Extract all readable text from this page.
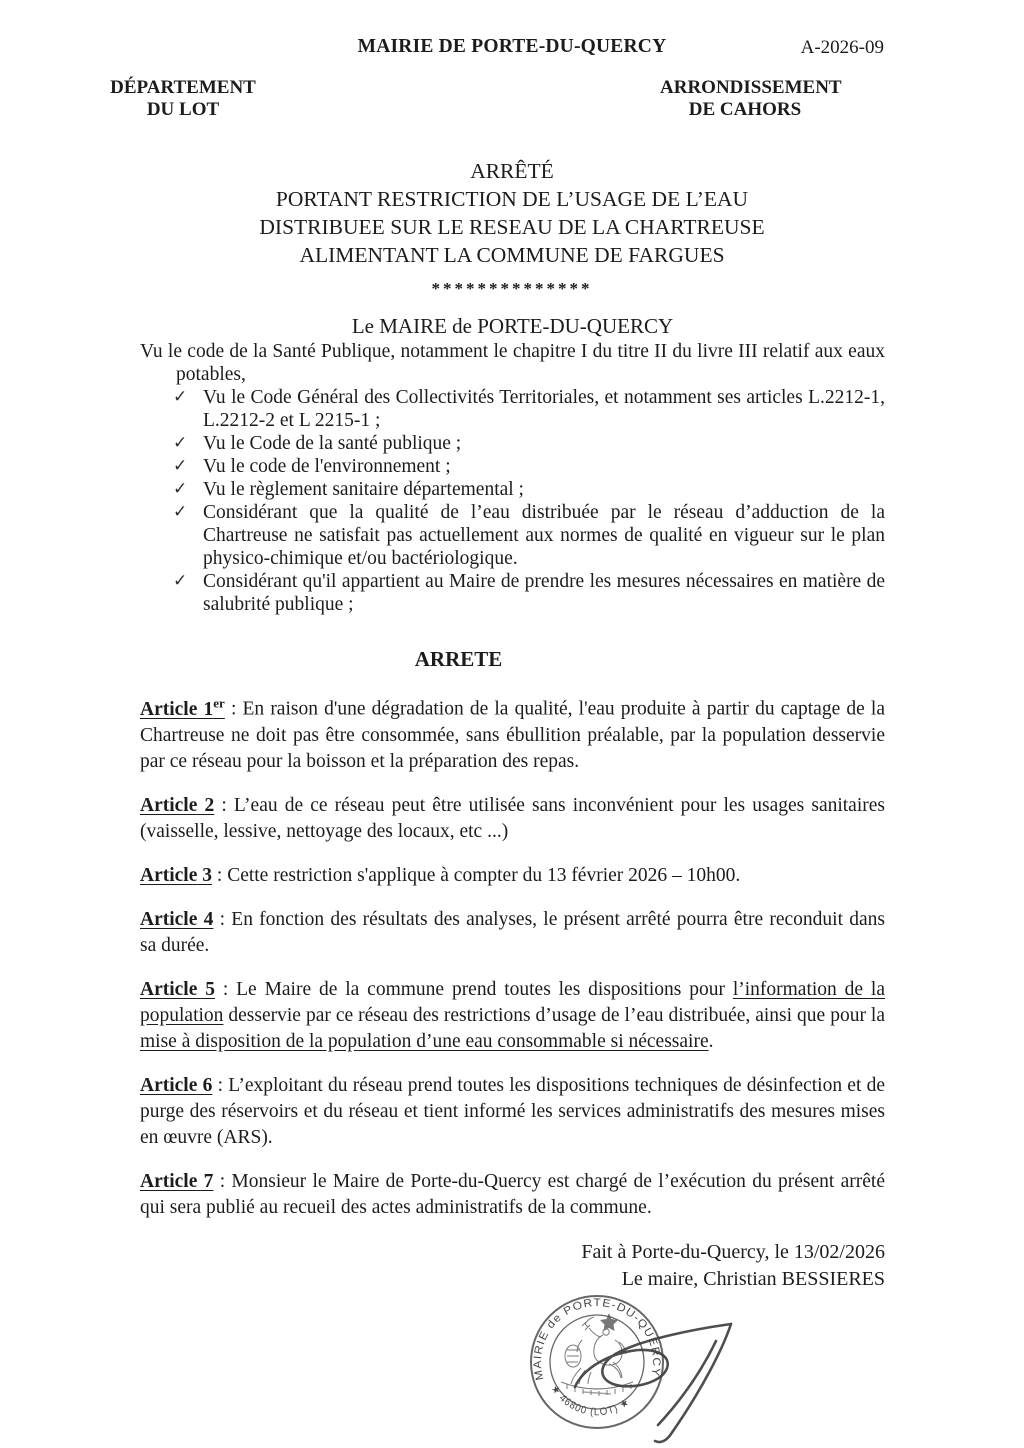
MAIRIE DE PORTE-DU-QUERCY	A-2026-09
DÉPARTEMENT
DU LOT
ARRONDISSEMENT
DE CAHORS
ARRÊTÉ
PORTANT RESTRICTION DE L’USAGE DE L’EAU
DISTRIBUEE SUR LE RESEAU DE LA CHARTREUSE
ALIMENTANT LA COMMUNE DE FARGUES
**************
Le MAIRE de PORTE-DU-QUERCY

Vu le code de la Santé Publique, notamment le chapitre I du titre II du livre III relatif aux eaux potables,

✓ Vu le Code Général des Collectivités Territoriales, et notamment ses articles L.2212-1, L.2212-2 et L 2215-1 ;
✓ Vu le Code de la santé publique ;
✓ Vu le code de l'environnement ;
✓ Vu le règlement sanitaire départemental ;
✓ Considérant que la qualité de l’eau distribuée par le réseau d’adduction de la Chartreuse ne satisfait pas actuellement aux normes de qualité en vigueur sur le plan physico-chimique et/ou bactériologique.
✓ Considérant qu'il appartient au Maire de prendre les mesures nécessaires en matière de salubrité publique ;
ARRETE

Article 1er : En raison d'une dégradation de la qualité, l'eau produite à partir du captage de la Chartreuse ne doit pas être consommée, sans ébullition préalable, par la population desservie par ce réseau pour la boisson et la préparation des repas.

Article 2 : L’eau de ce réseau peut être utilisée sans inconvénient pour les usages sanitaires (vaisselle, lessive, nettoyage des locaux, etc ...)

Article 3 : Cette restriction s'applique à compter du 13 février 2026 – 10h00.

Article 4 : En fonction des résultats des analyses, le présent arrêté pourra être reconduit dans sa durée.

Article 5 : Le Maire de la commune prend toutes les dispositions pour l’information de la population desservie par ce réseau des restrictions d’usage de l’eau distribuée, ainsi que pour la mise à disposition de la population d’une eau consommable si nécessaire.

Article 6 : L’exploitant du réseau prend toutes les dispositions techniques de désinfection et de purge des réservoirs et du réseau et tient informé les services administratifs des mesures mises en œuvre (ARS).

Article 7 : Monsieur le Maire de Porte-du-Quercy est chargé de l’exécution du présent arrêté qui sera publié au recueil des actes administratifs de la commune.

Fait à Porte-du-Quercy, le 13/02/2026
Le maire, Christian BESSIERES
MAIRIE de PORTE-DU-QUERCY
★ 46800 (LOT) ★
